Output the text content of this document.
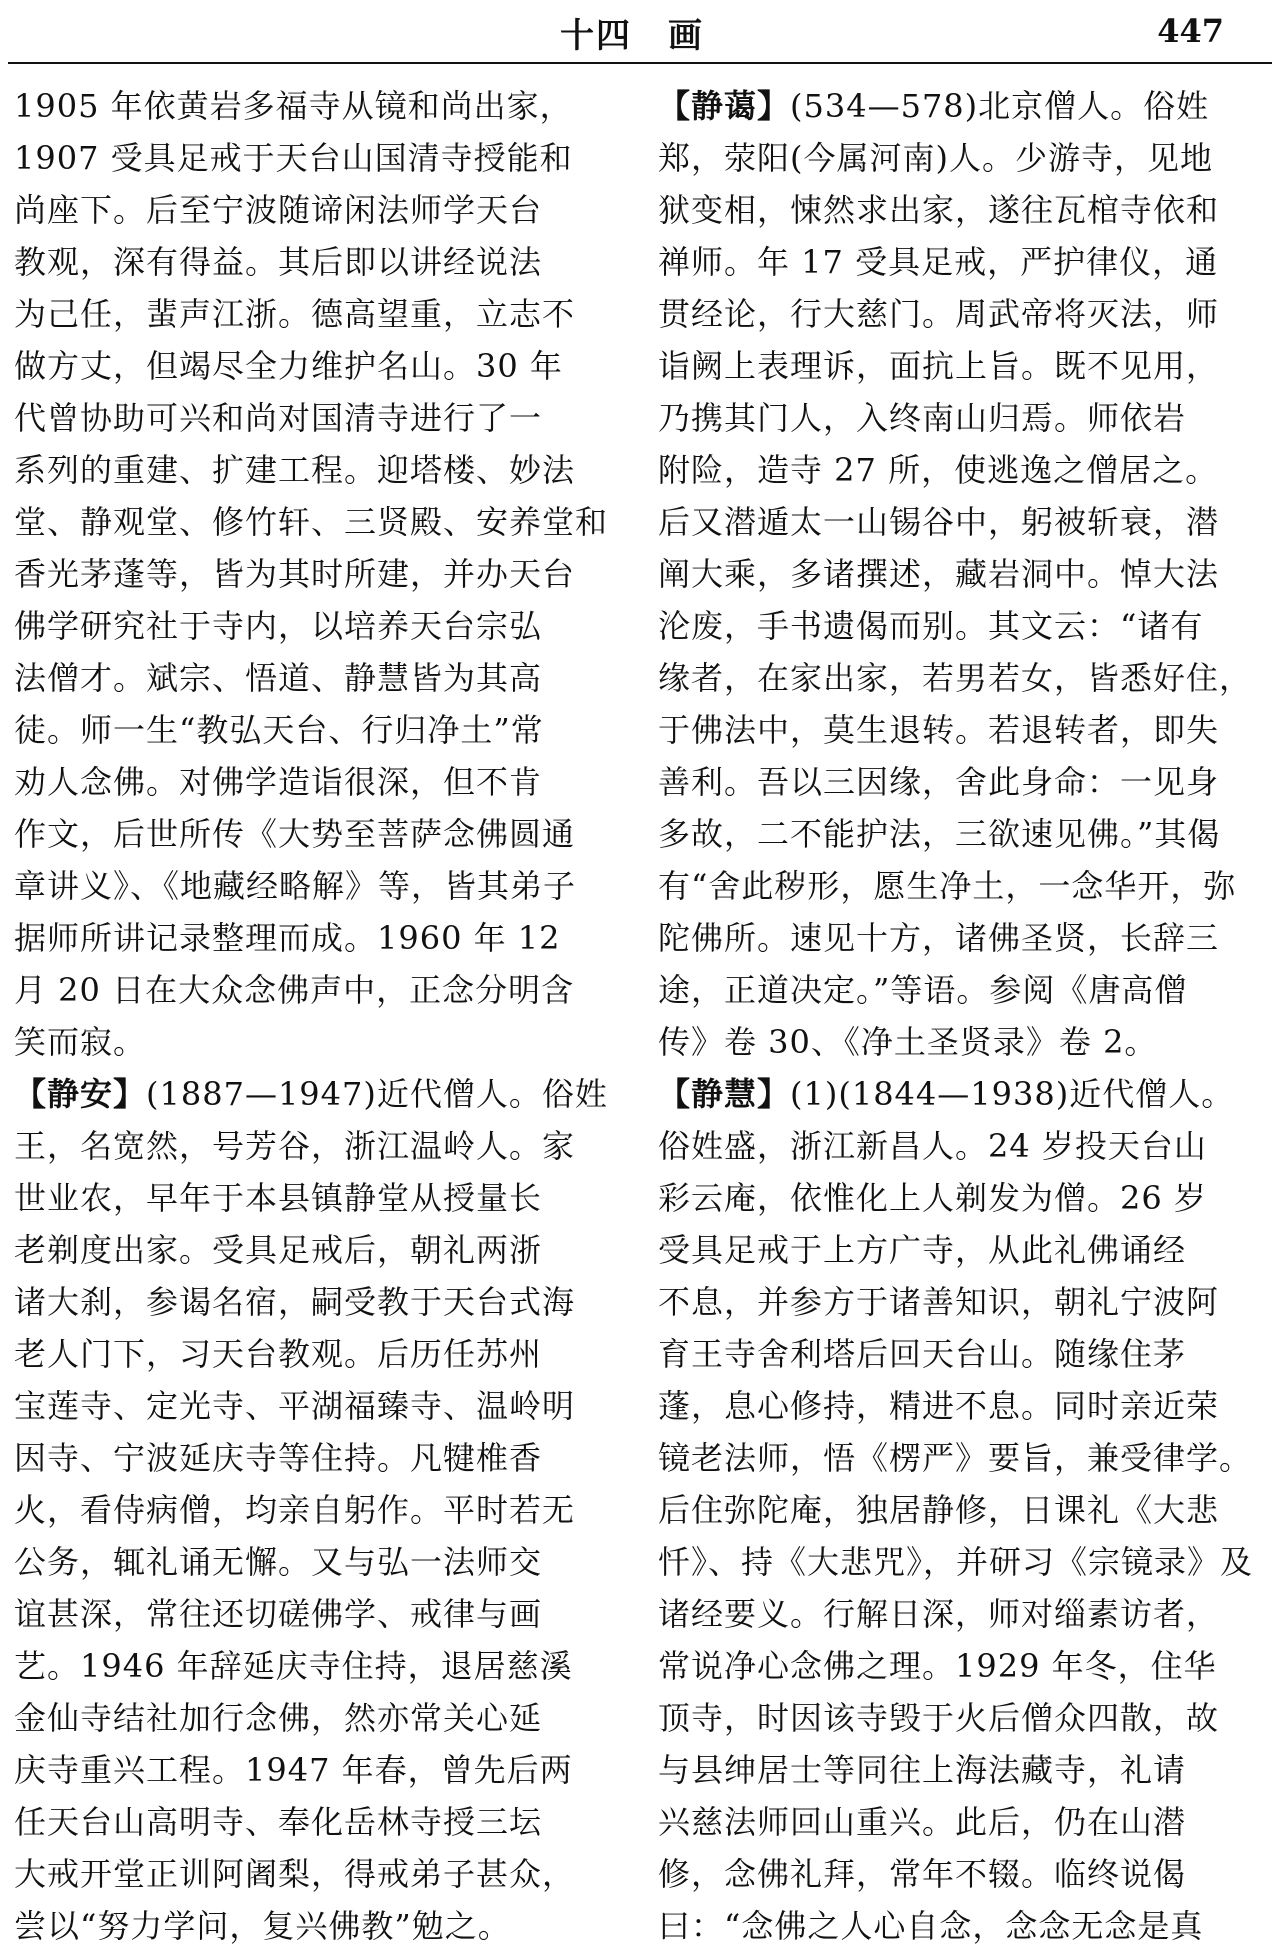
十四　画	447
1905 年依黄岩多福寺从镜和尚出家，
1907 受具足戒于天台山国清寺授能和
尚座下。后至宁波随谛闲法师学天台
教观，深有得益。其后即以讲经说法
为己任，蜚声江浙。德高望重，立志不
做方丈，但竭尽全力维护名山。30 年
代曾协助可兴和尚对国清寺进行了一
系列的重建、扩建工程。迎塔楼、妙法
堂、静观堂、修竹轩、三贤殿、安养堂和
香光茅蓬等，皆为其时所建，并办天台
佛学研究社于寺内，以培养天台宗弘
法僧才。斌宗、悟道、静慧皆为其高
徒。师一生“教弘天台、行归净土”常
劝人念佛。对佛学造诣很深，但不肯
作文，后世所传《大势至菩萨念佛圆通
章讲义》、《地藏经略解》等，皆其弟子
据师所讲记录整理而成。1960 年 12
月 20 日在大众念佛声中，正念分明含
笑而寂。
【静安】(1887—1947)近代僧人。俗姓
王，名宽然，号芳谷，浙江温岭人。家
世业农，早年于本县镇静堂从授量长
老剃度出家。受具足戒后，朝礼两浙
诸大刹，参谒名宿，嗣受教于天台式海
老人门下，习天台教观。后历任苏州
宝莲寺、定光寺、平湖福臻寺、温岭明
因寺、宁波延庆寺等住持。凡犍椎香
火，看侍病僧，均亲自躬作。平时若无
公务，辄礼诵无懈。又与弘一法师交
谊甚深，常往还切磋佛学、戒律与画
艺。1946 年辞延庆寺住持，退居慈溪
金仙寺结社加行念佛，然亦常关心延
庆寺重兴工程。1947 年春，曾先后两
任天台山高明寺、奉化岳林寺授三坛
大戒开堂正训阿阇梨，得戒弟子甚众，
尝以“努力学问，复兴佛教”勉之。
【静蔼】(534—578)北京僧人。俗姓
郑，荥阳(今属河南)人。少游寺，见地
狱变相，悚然求出家，遂往瓦棺寺依和
禅师。年 17 受具足戒，严护律仪，通
贯经论，行大慈门。周武帝将灭法，师
诣阙上表理诉，面抗上旨。既不见用，
乃携其门人，入终南山归焉。师依岩
附险，造寺 27 所，使逃逸之僧居之。
后又潜遁太一山锡谷中，躬被斩衰，潜
阐大乘，多诸撰述，藏岩洞中。悼大法
沦废，手书遗偈而别。其文云：“诸有
缘者，在家出家，若男若女，皆悉好住，
于佛法中，莫生退转。若退转者，即失
善利。吾以三因缘，舍此身命：一见身
多故，二不能护法，三欲速见佛。”其偈
有“舍此秽形，愿生净土，一念华开，弥
陀佛所。速见十方，诸佛圣贤，长辞三
途，正道决定。”等语。参阅《唐高僧
传》卷 30、《净土圣贤录》卷 2。
【静慧】(1)(1844—1938)近代僧人。
俗姓盛，浙江新昌人。24 岁投天台山
彩云庵，依惟化上人剃发为僧。26 岁
受具足戒于上方广寺，从此礼佛诵经
不息，并参方于诸善知识，朝礼宁波阿
育王寺舍利塔后回天台山。随缘住茅
蓬，息心修持，精进不息。同时亲近荣
镜老法师，悟《楞严》要旨，兼受律学。
后住弥陀庵，独居静修，日课礼《大悲
忏》、持《大悲咒》，并研习《宗镜录》及
诸经要义。行解日深，师对缁素访者，
常说净心念佛之理。1929 年冬，住华
顶寺，时因该寺毁于火后僧众四散，故
与县绅居士等同往上海法藏寺，礼请
兴慈法师回山重兴。此后，仍在山潜
修，念佛礼拜，常年不辍。临终说偈
曰：“念佛之人心自念，念念无念是真
